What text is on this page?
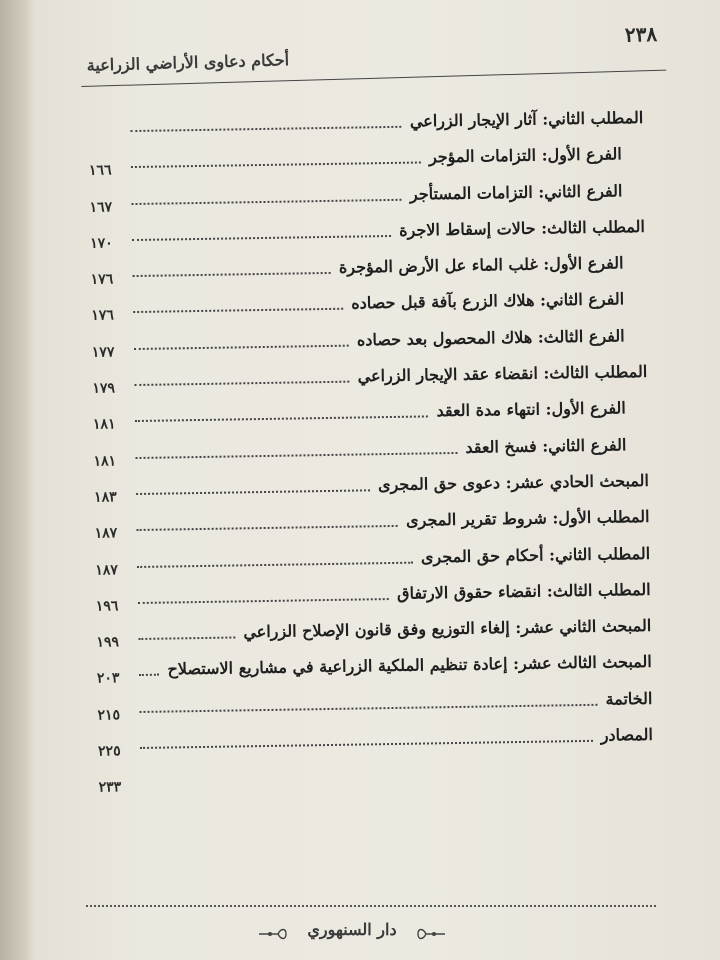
٢٣٨
أحكام دعاوى الأراضي الزراعية
المطلب الثاني: آثار الإيجار الزراعي
الفرع الأول: التزامات المؤجر
١٦٦
الفرع الثاني: التزامات المستأجر
١٦٧
المطلب الثالث: حالات إسقاط الاجرة
١٧٠
الفرع الأول: غلب الماء عل الأرض المؤجرة
١٧٦
الفرع الثاني: هلاك الزرع بآفة قبل حصاده
١٧٦
الفرع الثالث: هلاك المحصول بعد حصاده
١٧٧
المطلب الثالث: انقضاء عقد الإيجار الزراعي
١٧٩
الفرع الأول: انتهاء مدة العقد
١٨١
الفرع الثاني: فسخ العقد
١٨١
المبحث الحادي عشر: دعوى حق المجرى
١٨٣
المطلب الأول: شروط تقرير المجرى
١٨٧
المطلب الثاني: أحكام حق المجرى
١٨٧
المطلب الثالث: انقضاء حقوق الارتفاق
١٩٦
المبحث الثاني عشر: إلغاء التوزيع وفق قانون الإصلاح الزراعي
١٩٩
المبحث الثالث عشر: إعادة تنظيم الملكية الزراعية في مشاريع الاستصلاح
٢٠٣
الخاتمة
٢١٥
المصادر
٢٢٥
٢٣٣
دار السنهوري
